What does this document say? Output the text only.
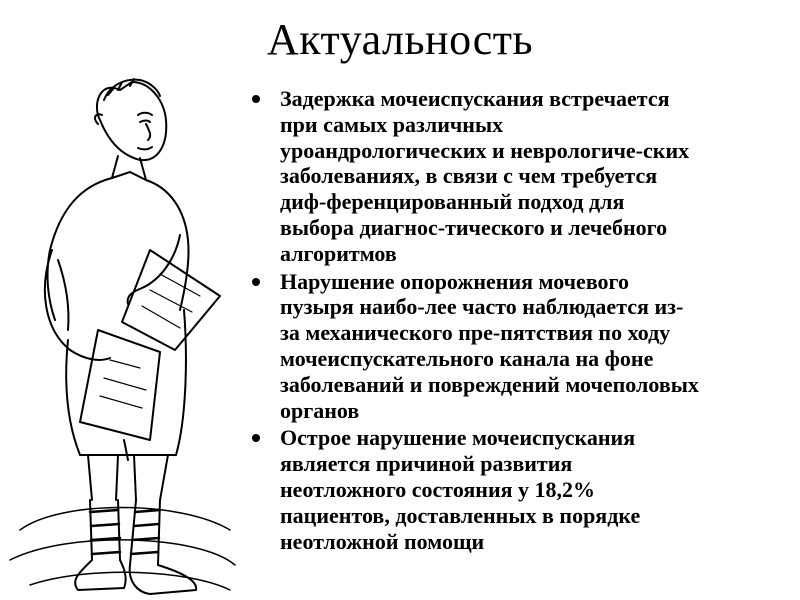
Актуальность
Задержка мочеиспускания встречается
при самых различных
уроандрологических и неврологиче-ских
заболеваниях, в связи с чем требуется
диф-ференцированный подход для
выбора диагнос-тического и лечебного
алгоритмов
Нарушение опорожнения мочевого
пузыря наибо-лее часто наблюдается из-
за механического пре-пятствия по ходу
мочеиспускательного канала на фоне
заболеваний и повреждений мочеполовых
органов
Острое нарушение мочеиспускания
является причиной развития
неотложного состояния у 18,2%
пациентов, доставленных в порядке
неотложной помощи
